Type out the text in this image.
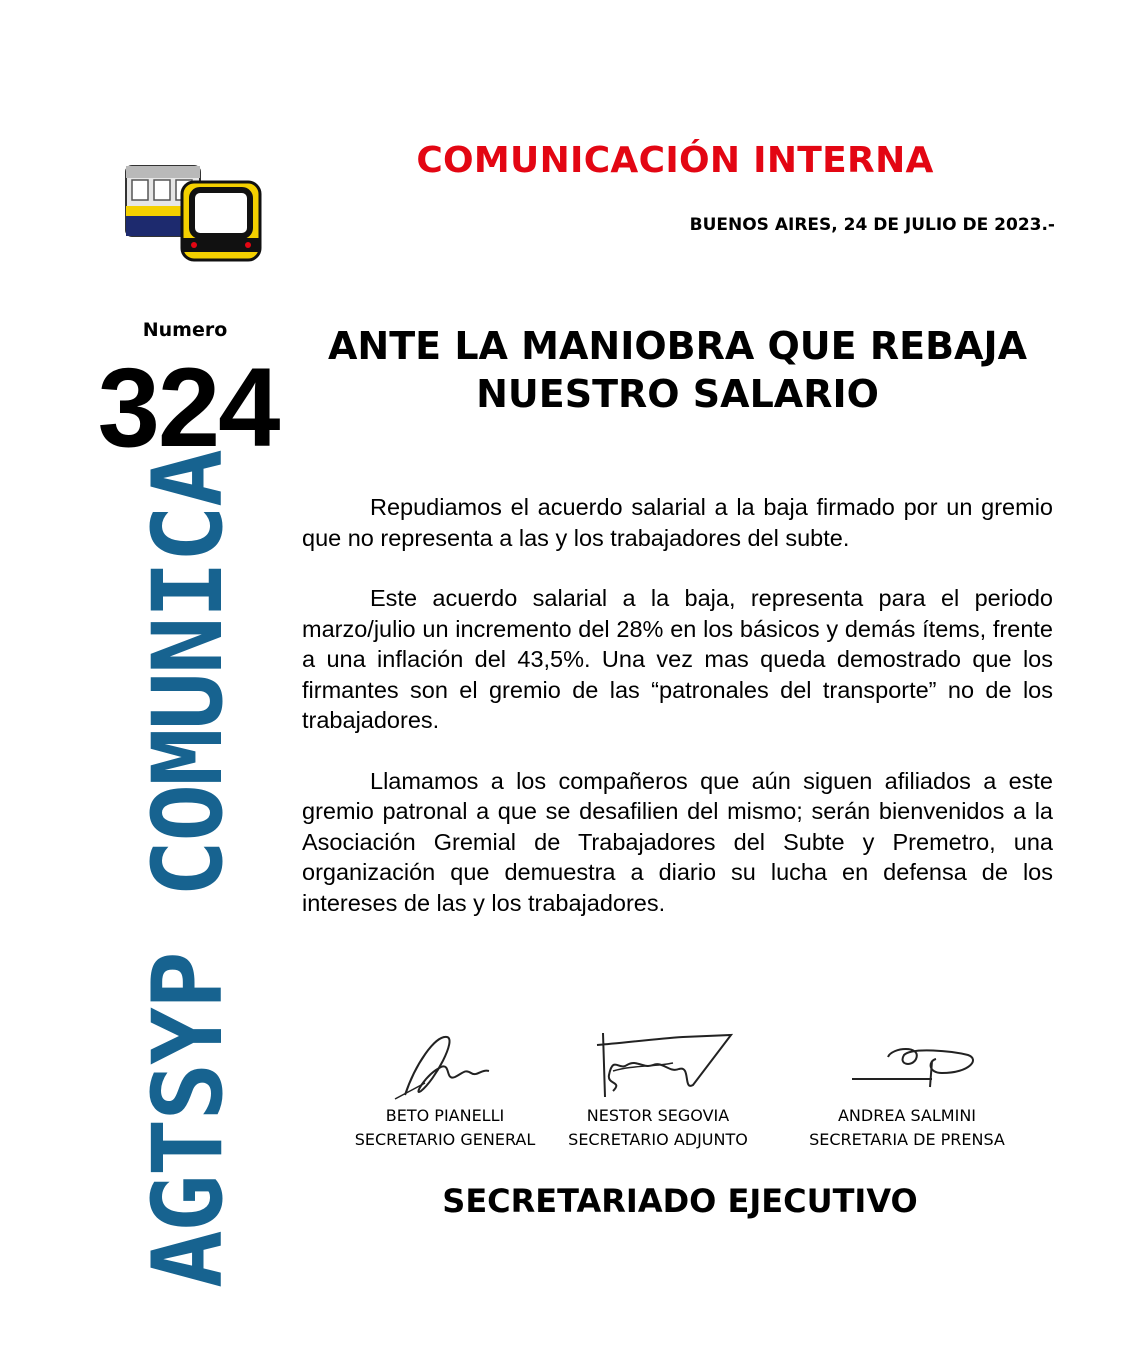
COMUNICACIÓN INTERNA
BUENOS AIRES, 24 DE JULIO DE 2023.-
Numero
324
AGTSYP COMUNICA
ANTE LA MANIOBRA QUE REBAJA
NUESTRO SALARIO

Repudiamos el acuerdo salarial a la baja firmado por un gremio que no representa a las y los trabajadores del subte.

Este acuerdo salarial a la baja, representa para el periodo marzo/julio un incremento del 28% en los básicos y demás ítems, frente a una inflación del 43,5%. Una vez mas queda demostrado que los firmantes son el gremio de las “patronales del transporte” no de los trabajadores.

Llamamos a los compañeros que aún siguen afiliados a este gremio patronal a que se desafilien del mismo; serán bienvenidos a la Asociación Gremial de Trabajadores del Subte y Premetro, una organización que demuestra a diario su lucha en defensa de los intereses de las y los trabajadores.

BETO PIANELLI
SECRETARIO GENERAL
NESTOR SEGOVIA
SECRETARIO ADJUNTO
ANDREA SALMINI
SECRETARIA DE PRENSA
SECRETARIADO EJECUTIVO
